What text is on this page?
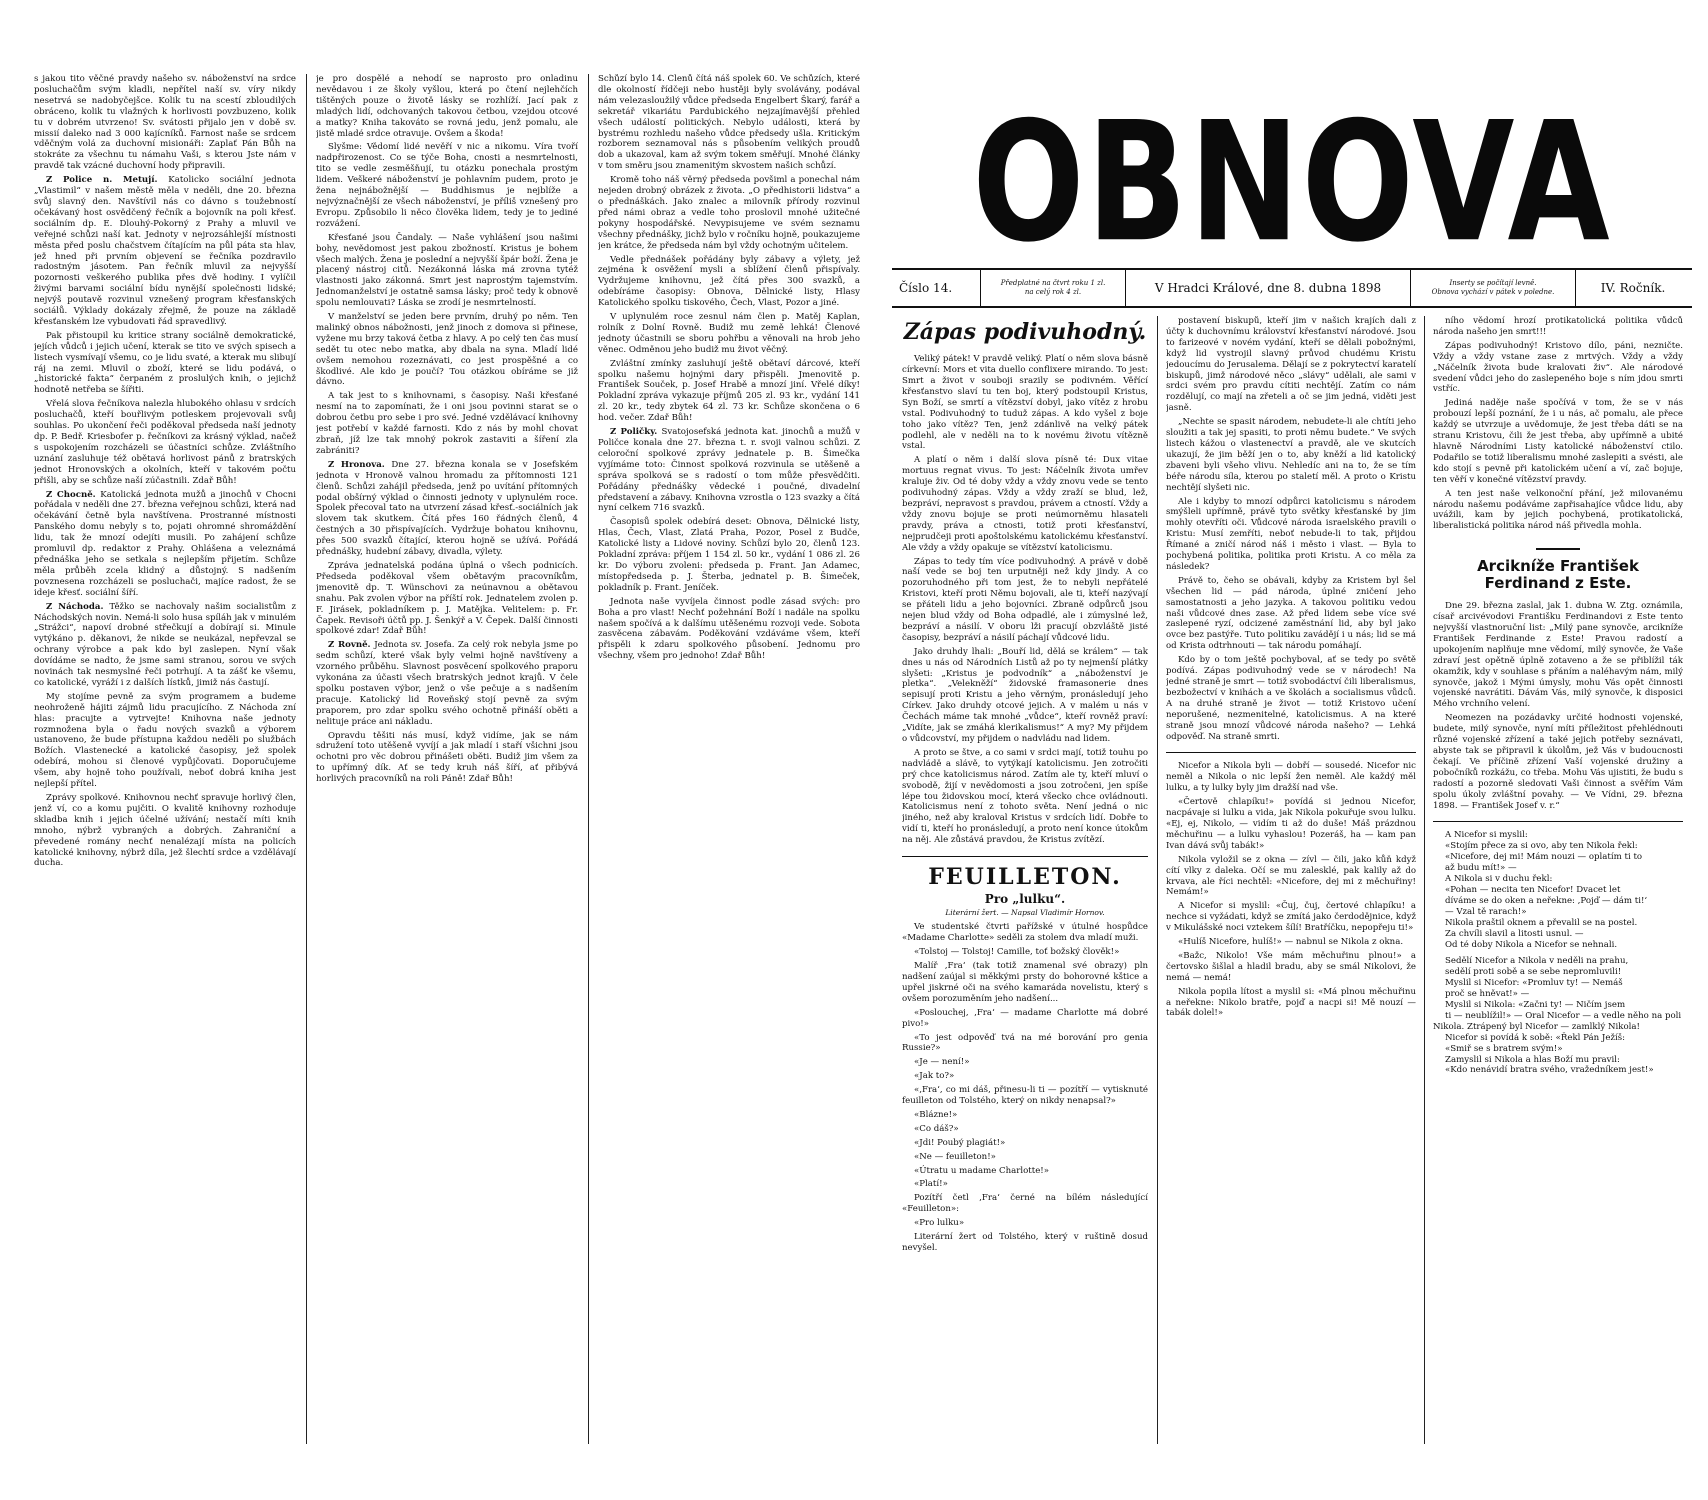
s jakou tito věčné pravdy našeho sv. náboženství na srdce posluchačům svým kladli, nepřítel naší sv. víry nikdy nesetrvá se nadobyčejšce. Kolik tu na scestí zbloudilých obráceno, kolik tu vlažných k horlivosti povzbuzeno, kolik tu v dobrém utvrzeno! Sv. svátosti přijalo jen v době sv. missií daleko nad 3 000 kajícníků. Farnost naše se srdcem vděčným volá za duchovní misionáři: Zaplať Pán Bůh na stokráte za všechnu tu námahu Vaši, s kterou Jste nám v pravdě tak vzácné duchovní hody připravili.

Z Police n. Metují. Katolicko sociální jednota „Vlastimil“ v našem městě měla v neděli, dne 20. března svůj slavný den. Navštívil nás co dávno s toužebností očekávaný host osvědčený řečník a bojovník na poli křesť. sociálním dp. E. Dlouhý-Pokorný z Prahy a mluvil ve veřejné schůzi naší kat. Jednoty v nejrozsáhlejší místnosti města před poslu chačstvem čítajícím na půl páta sta hlav, jež hned při prvním objevení se řečníka pozdravilo radostným jásotem. Pan řečník mluvil za nejvyšší pozornosti veškerého publika přes dvě hodiny. I vylíčil živými barvami sociální bídu nynější společnosti lidské; nejvýš poutavě rozvinul vznešený program křesťanských sociálů. Výklady dokázaly zřejmě, že pouze na základě křesťanském lze vybudovati řád spravedlivý.

Pak přistoupil ku kritice strany sociálně demokratické, jejích vůdců i jejich učení, kterak se tito ve svých spisech a listech vysmívají všemu, co je lidu svaté, a kterak mu slibují ráj na zemi. Mluvil o zboží, které se lidu podává, o „historické fakta“ čerpaném z proslulých knih, o jejichž hodnotě netřeba se šířiti.

Vřelá slova řečníkova nalezla hlubokého ohlasu v srdcích posluchačů, kteří bouřlivým potleskem projevovali svůj souhlas. Po ukončení řeči poděkoval předseda naší jednoty dp. P. Bedř. Kriesbofer p. řečníkovi za krásný výklad, načež s uspokojením rozcházeli se účastníci schůze. Zvláštního uznání zasluhuje též obětavá horlivost pánů z bratrských jednot Hronovských a okolních, kteří v takovém počtu přišli, aby se schůze naší zúčastnili. Zdař Bůh!

Z Chocně. Katolická jednota mužů a jinochů v Chocni pořádala v neděli dne 27. března veřejnou schůzi, která nad očekávání četně byla navštívena. Prostranné místnosti Panského domu nebyly s to, pojati ohromné shromáždění lidu, tak že mnozí odejíti musili. Po zahájení schůze promluvil dp. redaktor z Prahy. Ohlášena a veleznámá přednáška jeho se setkala s nejlepším přijetím. Schůze měla průběh zcela klidný a důstojný. S nadšením povznesena rozcházeli se posluchači, majíce radost, že se ideje křesť. sociální šíří.

Z Náchoda. Těžko se nachovaly našim socialistům z Náchodských novin. Nemá-li solo husa spíláh jak v minulém „Strážci“, napoví drobné střečkují a dobírají si. Minule vytýkáno p. děkanovi, že nikde se neukázal, nepřevzal se ochrany výrobce a pak kdo byl zaslepen. Nyní však dovídáme se nadto, že jsme sami stranou, sorou ve svých novinách tak nesmyslné řeči potrhují. A ta zášť ke všemu, co katolické, vyráží i z dalších lístků, jimiž nás častují.

My stojíme pevně za svým programem a budeme neohroženě hájiti zájmů lidu pracujícího. Z Náchoda zní hlas: pracujte a vytrvejte! Knihovna naše jednoty rozmnožena byla o řadu nových svazků a výborem ustanoveno, že bude přístupna každou neděli po službách Božích. Vlastenecké a katolické časopisy, jež spolek odebírá, mohou si členové vypůjčovati. Doporučujeme všem, aby hojně toho používali, neboť dobrá kniha jest nejlepší přítel.

Zprávy spolkové. Knihovnou nechť spravuje horlivý člen, jenž ví, co a komu pujčiti. O kvalitě knihovny rozhoduje skladba knih i jejich účelné užívání; nestačí míti knih mnoho, nýbrž vybraných a dobrých. Zahraniční a převedené romány nechť nenalézají místa na policích katolické knihovny, nýbrž díla, jež šlechtí srdce a vzdělávají ducha.

je pro dospělé a nehodí se naprosto pro onladinu nevědavou i ze školy vyšlou, která po čtení nejlehčích tištěných pouze o životě lásky se rozhlíží. Jací pak z mladých lidí, odchovaných takovou četbou, vzejdou otcové a matky? Kniha takováto se rovná jedu, jenž pomalu, ale jistě mladé srdce otravuje. Ovšem a škoda!

Slyšme: Vědomí lidé nevěří v nic a nikomu. Víra tvoří nadpřirozenost. Co se týče Boha, cnosti a nesmrtelnosti, tito se vedle zesměšňují, tu otázku ponechala prostým lidem. Veškeré náboženství je pohlavním pudem, proto je žena nejnábožnější — Buddhismus je nejblíže a nejvýznačnější ze všech náboženství, je příliš vznešený pro Evropu. Způsobilo li něco člověka lidem, tedy je to jediné rozvážení.

Křesťané jsou Čandaly. — Naše vyhlášení jsou našimi bohy, nevědomost jest pakou zbožností. Kristus je bohem všech malých. Žena je poslední a nejvyšší špár boží. Žena je placený nástroj citů. Nezákonná láska má zrovna tytéž vlastnosti jako zákonná. Smrt jest naprostým tajemstvím. Jednomanželství je ostatně samsa lásky; proč tedy k obnově spolu nemlouvati? Láska se zrodí je nesmrtelností.

V manželství se jeden bere prvním, druhý po něm. Ten malinký obnos nábožnosti, jenž jinoch z domova si přinese, vyžene mu brzy taková četba z hlavy. A po celý ten čas musí sedět tu otec nebo matka, aby dbala na syna. Mladí lidé ovšem nemohou rozeznávati, co jest prospěšné a co škodlivé. Ale kdo je poučí? Tou otázkou obíráme se již dávno.

A tak jest to s knihovnami, s časopisy. Naši křesťané nesmí na to zapomínati, že i oni jsou povinni starat se o dobrou četbu pro sebe i pro své. Jedné vzdělávací knihovny jest potřebí v každé farnosti. Kdo z nás by mohl chovat zbraň, jíž lze tak mnohý pokrok zastaviti a šíření zla zabrániti?

Z Hronova. Dne 27. března konala se v Josefském jednota v Hronově valnou hromadu za přítomnosti 121 členů. Schůzi zahájil předseda, jenž po uvítání přítomných podal obšírný výklad o činnosti jednoty v uplynulém roce. Spolek přecoval tato na utvrzení zásad křesť.-sociálních jak slovem tak skutkem. Čítá přes 160 řádných členů, 4 čestných a 30 přispívajících. Vydržuje bohatou knihovnu, přes 500 svazků čítající, kterou hojně se užívá. Pořádá přednášky, hudební zábavy, divadla, výlety.

Zpráva jednatelská podána úplná o všech podnicích. Předseda poděkoval všem obětavým pracovníkům, jmenovitě dp. T. Wünschovi za neúnavnou a obětavou snahu. Pak zvolen výbor na příští rok. Jednatelem zvolen p. F. Jirásek, pokladníkem p. J. Matějka. Velitelem: p. Fr. Čapek. Revisoři účtů pp. J. Šenkýř a V. Čepek. Další činnosti spolkové zdar! Zdař Bůh!

Z Rovně. Jednota sv. Josefa. Za celý rok nebyla jsme po sedm schůzí, které však byly velmi hojně navštíveny a vzorného průběhu. Slavnost posvěcení spolkového praporu vykonána za účasti všech bratrských jednot krajů. V čele spolku postaven výbor, jenž o vše pečuje a s nadšením pracuje. Katolický lid Roveňský stojí pevně za svým praporem, pro zdar spolku svého ochotně přináší oběti a nelituje práce ani nákladu.

Opravdu těšiti nás musí, když vidíme, jak se nám sdružení toto utěšeně vyvíjí a jak mladí i staří všichni jsou ochotni pro věc dobrou přinášeti oběti. Budiž jim všem za to upřímný dík. Ať se tedy kruh náš šíří, ať přibývá horlivých pracovníků na roli Páně! Zdař Bůh!

Schůzí bylo 14. Členů čítá náš spolek 60. Ve schůzích, které dle okolností řídčeji nebo hustěji byly svolávány, podával nám velezasloužilý vůdce předseda Engelbert Škarý, farář a sekretář vikariátu Pardubického nejzajímavější přehled všech událostí politických. Nebylo události, která by bystrému rozhledu našeho vůdce předsedy ušla. Kritickým rozborem seznamoval nás s působením velikých proudů dob a ukazoval, kam až svým tokem směřují. Mnohé články v tom směru jsou znamenitým skvostem našich schůzí.

Kromě toho náš věrný předseda povšiml a ponechal nám nejeden drobný obrázek z života. „O předhistorii lidstva“ a o přednáškách. Jako znalec a milovník přírody rozvinul před námi obraz a vedle toho proslovil mnohé užitečné pokyny hospodářské. Nevypisujeme ve svém seznamu všechny přednášky, jichž bylo v ročníku hojně, poukazujeme jen krátce, že předseda nám byl vždy ochotným učitelem.

Vedle přednášek pořádány byly zábavy a výlety, jež zejména k osvěžení mysli a sblížení členů přispívaly. Vydržujeme knihovnu, jež čítá přes 300 svazků, a odebíráme časopisy: Obnova, Dělnické listy, Hlasy Katolického spolku tiskového, Čech, Vlast, Pozor a jiné.

V uplynulém roce zesnul nám člen p. Matěj Kaplan, rolník z Dolní Rovně. Budiž mu země lehká! Členové jednoty účastnili se sboru pohřbu a věnovali na hrob jeho věnec. Odměnou jeho budiž mu život věčný.

Zvláštní zmínky zasluhují ještě obětaví dárcové, kteří spolku našemu hojnými dary přispěli. Jmenovitě p. František Souček, p. Josef Hrabě a mnozí jiní. Vřelé díky! Pokladní zpráva vykazuje příjmů 205 zl. 93 kr., vydání 141 zl. 20 kr., tedy zbytek 64 zl. 73 kr. Schůze skončena o 6 hod. večer. Zdař Bůh!

Z Poličky. Svatojosefská jednota kat. jinochů a mužů v Poličce konala dne 27. března t. r. svoji valnou schůzi. Z celoroční spolkové zprávy jednatele p. B. Šimečka vyjímáme toto: Činnost spolková rozvinula se utěšeně a správa spolková se s radostí o tom může přesvědčiti. Pořádány přednášky vědecké i poučné, divadelní představení a zábavy. Knihovna vzrostla o 123 svazky a čítá nyní celkem 716 svazků.

Časopisů spolek odebírá deset: Obnova, Dělnické listy, Hlas, Čech, Vlast, Zlatá Praha, Pozor, Posel z Budče, Katolické listy a Lidové noviny. Schůzí bylo 20, členů 123. Pokladní zpráva: příjem 1 154 zl. 50 kr., vydání 1 086 zl. 26 kr. Do výboru zvoleni: předseda p. Frant. Jan Adamec, místopředseda p. J. Šterba, jednatel p. B. Šimeček, pokladník p. Frant. Jeníček.

Jednota naše vyvíjela činnost podle zásad svých: pro Boha a pro vlast! Nechť požehnání Boží i nadále na spolku našem spočívá a k dalšímu utěšenému rozvoji vede. Sobota zasvěcena zábavám. Poděkování vzdáváme všem, kteří přispěli k zdaru spolkového působení. Jednomu pro všechny, všem pro jednoho! Zdař Bůh!

OBNOVA
Číslo 14.	Předplatné na čtvrt roku 1 zl.
na celý rok 4 zl.	V Hradci Králové, dne 8. dubna 1898	Inserty se počítají levně.
Obnova vychází v pátek v poledne.	IV. Ročník.
Zápas podivuhodný.

Veliký pátek! V pravdě veliký. Platí o něm slova básně církevní: Mors et vita duello conflixere mirando. To jest: Smrt a život v souboji srazily se podivném. Věřící křesťanstvo slaví tu ten boj, který podstoupil Kristus, Syn Boží, se smrtí a vítězství dobyl, jako vítěz z hrobu vstal. Podivuhodný to tuduž zápas. A kdo vyšel z boje toho jako vítěz? Ten, jenž zdánlivě na velký pátek podlehl, ale v neděli na to k novému životu vítězně vstal.

A platí o něm i další slova písně té: Dux vitae mortuus regnat vivus. To jest: Náčelník života umřev kraluje živ. Od té doby vždy a vždy znovu vede se tento podivuhodný zápas. Vždy a vždy zraží se blud, lež, bezpráví, nepravost s pravdou, právem a ctností. Vždy a vždy znovu bojuje se proti neúmorněmu hlasateli pravdy, práva a ctnosti, totiž proti křesťanství, nejprudčeji proti apoštolskému katolickému křesťanství. Ale vždy a vždy opakuje se vítězství katolicismu.

Zápas to tedy tím více podivuhodný. A právě v době naší vede se boj ten urputněji než kdy jindy. A co pozoruhodného při tom jest, že to nebyli nepřátelé Kristovi, kteří proti Němu bojovali, ale ti, kteří nazývají se přáteli lidu a jeho bojovníci. Zbraně odpůrců jsou nejen blud vždy od Boha odpadlé, ale i zúmyslné lež, bezpráví a násilí. V oboru lži pracují obzvláště jisté časopisy, bezpráví a násilí páchají vůdcové lidu.

Jako druhdy lhali: „Bouří lid, dělá se králem“ — tak dnes u nás od Národních Listů až po ty nejmenší plátky slyšeti: „Kristus je podvodník“ a „náboženství je pletka“. „Velekněží“ židovské framasonerie dnes sepisují proti Kristu a jeho věrným, pronásledují jeho Církev. Jako druhdy otcové jejich. A v malém u nás v Čechách máme tak mnohé „vůdce“, kteří rovněž praví: „Vidíte, jak se zmáhá klerikalismus!“ A my? My přijdem o vůdcovství, my přijdem o nadvládu nad lidem.

A proto se štve, a co sami v srdci mají, totiž touhu po nadvládě a slávě, to vytýkají katolicismu. Jen zotročiti prý chce katolicismus národ. Zatím ale ty, kteří mluví o svobodě, žijí v nevědomosti a jsou zotročeni, jen spíše lépe tou židovskou mocí, která všecko chce ovládnouti. Katolicismus není z tohoto světa. Není jedná o nic jiného, než aby kraloval Kristus v srdcích lidí. Dobře to vidí ti, kteří ho pronásledují, a proto není konce útokům na něj. Ale zůstává pravdou, že Kristus zvítězí.

FEUILLETON.
Pro „lulku“.

Literární žert. — Napsal Vladimír Hornov.

Ve studentské čtvrti pařížské v útulné hospůdce «Madame Charlotte» seděli za stolem dva mladí muži.

«Tolstoj — Tolstoj! Camille, toť božský člověk!»

Malíř ‚Fra‘ (tak totiž znamenal své obrazy) pln nadšení zaújal si měkkými prsty do bohorovné kšticе a upřel jiskrné oči na svého kamaráda novelistu, který s ovšem porozuměním jeho nadšení...

«Poslouchej, ‚Fra‘ — madame Charlotte má dobré pivo!»

«To jest odpověď tvá na mé borování pro genia Russie?»

«Je — není!»

«Jak to?»

«‚Fra‘, co mi dáš, přinesu-li ti — pozítří — vytisknuté feuilleton od Tolstého, který on nikdy nenapsal?»

«Blázne!»

«Co dáš?»

«Jdi! Poubý plagiát!»

«Ne — feuilleton!»

«Útratu u madame Charlotte!»

«Platí!»

Pozítří četl ‚Fra‘ černé na bílém následující «Feuilleton»:

«Pro lulku»

Literární žert od Tolstého, který v ruštině dosud nevyšel.

postavení biskupů, kteří jim v našich krajích dali z účty k duchovnímu království křesťanství národové. Jsou to farizeové v novém vydání, kteří se dělali pobožnými, když lid vystrojil slavný průvod chudému Kristu jedoucímu do Jerusalema. Dělají se z pokrytectví karatelí biskupů, jimž národové něco „slávy“ udělali, ale sami v srdci svém pro pravdu cítiti nechtějí. Zatím co nám rozdělují, co mají na zřeteli a oč se jim jedná, viděti jest jasně.

„Nechte se spasit národem, nebudete-li ale chtíti jeho sloužiti a tak jej spasiti, to proti němu budete.“ Ve svých listech kážou o vlastenectví a pravdě, ale ve skutcích ukazují, že jim běží jen o to, aby kněží a lid katolický zbaveni byli všeho vlivu. Nehledíc ani na to, že se tím béře národu síla, kterou po staletí měl. A proto o Kristu nechtějí slyšeti nic.

Ale i kdyby to mnozí odpůrci katolicismu s národem smýšleli upřímně, právě tyto světky křesťanské by jim mohly otevříti oči. Vůdcové národa israelského pravili o Kristu: Musí zemříti, neboť nebude-li to tak, přijdou Římané a zničí národ náš i město i vlast. — Byla to pochybená politika, politika proti Kristu. A co měla za následek?

Právě to, čeho se obávali, kdyby za Kristem byl šel všechen lid — pád národa, úplné zničení jeho samostatnosti a jeho jazyka. A takovou politiku vedou naši vůdcové dnes zase. Až před lidem sebe více své zaslepené ryzí, odcizené zaměstnání lid, aby byl jako ovce bez pastýře. Tuto politiku zavádějí i u nás; lid se má od Krista odtrhnouti — tak národu pomáhají.

Kdo by o tom ještě pochyboval, ať se tedy po světě podívá. Zápas podivuhodný vede se v národech! Na jedné straně je smrt — totiž svobodáctví čili liberalismus, bezbožectví v knihách a ve školách a socialismus vůdců. A na druhé straně je život — totiž Kristovo učení neporušené, nezmenitelné, katolicismus. A na které straně jsou mnozí vůdcové národa našeho? — Lehká odpověď. Na straně smrti.

Nicefor a Nikola byli — dobří — sousedé. Nicefor nic neměl a Nikola o nic lepší žen neměl. Ale každý měl lulku, a ty lulky byly jim dražší nad vše.

«Čertově chlapíku!» povídá si jednou Nicefor, nacpávaje si lulku a vida, jak Nikola pokuřuje svou lulku. «Ej, ej, Nikolo, — vidím ti až do duše! Máš prázdnou měchuřinu — a lulku vyhaslou! Pozeráš, ha — kam pan Ivan dává svůj tabák!»

Nikola vyložil se z okna — zívl — čili, jako kůň když cítí vlky z daleka. Očí se mu zalesklé, pak kalily až do krvava, ale říci nechtěl: «Nicefore, dej mi z měchuřiny! Nemám!»

A Nicefor si myslil: «Čuj, čuj, čertové chlapíku! a nechce si vyžádati, když se zmítá jako čerdodějnice, když v Mikulášské noci vztekem šílí! Bratříčku, nepopřeju ti!»

«Hulíš Nicefore, hulíš!» — nabnul se Nikola z okna.

«Bažc, Nikolo! Vše mám měchuřinu plnou!» a čertovsko šišlal a hladil bradu, aby se smál Nikolovi, že nemá — nemá!

Nikola popila lítost a myslil si: «Má plnou měchuřinu a neřekne: Nikolo bratře, pojď a nacpi si! Mě nouzí — tabák dolel!»

ního vědomí hrozí protikatolická politika vůdců národa našeho jen smrt!!!

Zápas podivuhodný! Kristovo dílo, páni, nezničte. Vždy a vždy vstane zase z mrtvých. Vždy a vždy „Náčelník života bude kralovati živ“. Ale národové svedení vůdci jeho do zaslepeného boje s ním jdou smrti vstříc.

Jediná naděje naše spočívá v tom, že se v nás probouzí lepší poznání, že i u nás, ač pomalu, ale přece každý se utvrzuje a uvědomuje, že jest třeba dáti se na stranu Kristovu, čili že jest třeba, aby upřímně a ubité hlavně Národními Listy katolické náboženství ctilo. Podařilo se totiž liberalismu mnohé zaslepiti a svésti, ale kdo stojí s pevně při katolickém učení a ví, zač bojuje, ten věří v konečné vítězství pravdy.

A ten jest naše velkonoční přání, jež milovanému národu našemu podáváme zapřisahajíce vůdce lidu, aby uvážili, kam by jejich pochybená, protikatolická, liberalistická politika národ náš přivedla mohla.

Arciknížе František Ferdinand z Este.

Dne 29. března zaslal, jak 1. dubna W. Ztg. oznámila, císař arcivévodovi Františku Ferdinandovi z Este tento nejvyšší vlastnoruční list: „Milý pane synovče, arcikníže František Ferdinande z Este! Pravou radostí a upokojením naplňuje mne vědomí, milý synovče, že Vaše zdraví jest opětně úplně zotaveno a že se přiblížil ták okamžik, kdy v souhlase s přáním a naléhavým nám, milý synovče, jakož i Mými úmysly, mohu Vás opět činnosti vojenské navrátiti. Dávám Vás, milý synovče, k disposici Mého vrchního velení.

Neomezen na pozádavky určité hodnosti vojenské, budete, milý synovče, nyní míti příležitost přehlédnouti různé vojenské zřízení a také jejich potřeby seznávati, abyste tak se připravil k úkolům, jež Vás v budoucnosti čekají. Ve příčině zřízení Vaší vojenské družiny a pobočníků rozkážu, co třeba. Mohu Vás ujistiti, že budu s radostí a pozorně sledovati Vaši činnost a svěřím Vám spolu úkoly zvláštní povahy. — Ve Vídni, 29. března 1898. — František Josef v. r.“

A Nicefor si myslil:
«Stojím přece za si ovo, aby ten Nikola řekl:
«Nicefore, dej mi! Mám nouzi — oplatím ti to
až budu mít!» —
A Nikola si v duchu řekl:
«Pohan — necita ten Nicefor! Dvacet let
dívámе se do oken a neřekne: ‚Pojď — dám ti!‘
— Vzal tě rarach!»
Nikola praštil oknem a převalil se na postel.
Za chvíli slavil a litosti usnul. —
Od té doby Nikola a Nicefor se nehnali.
Sedělí Nicefor a Nikola v neděli na prahu,
sedělí proti sobě a se sebe nepromluvili!
Myslil si Nicefor: «Promluv ty! — Nemáš
proč se hněvat!» —
Myslil si Nikola: «Začni ty! — Ničím jsem
ti — neublížil!» — Oral Nicefor — a vedle něho na poli Nikola. Ztrápený byl Nicefor — zamlklý Nikola!
Nicefor si povídá k sobě: «Řekl Pán Ježíš:
«Smiř se s bratrem svým!»
Zamyslil si Nikola a hlas Boží mu pravil:
«Kdo nenávidí bratra svého, vražedníkem jest!»
